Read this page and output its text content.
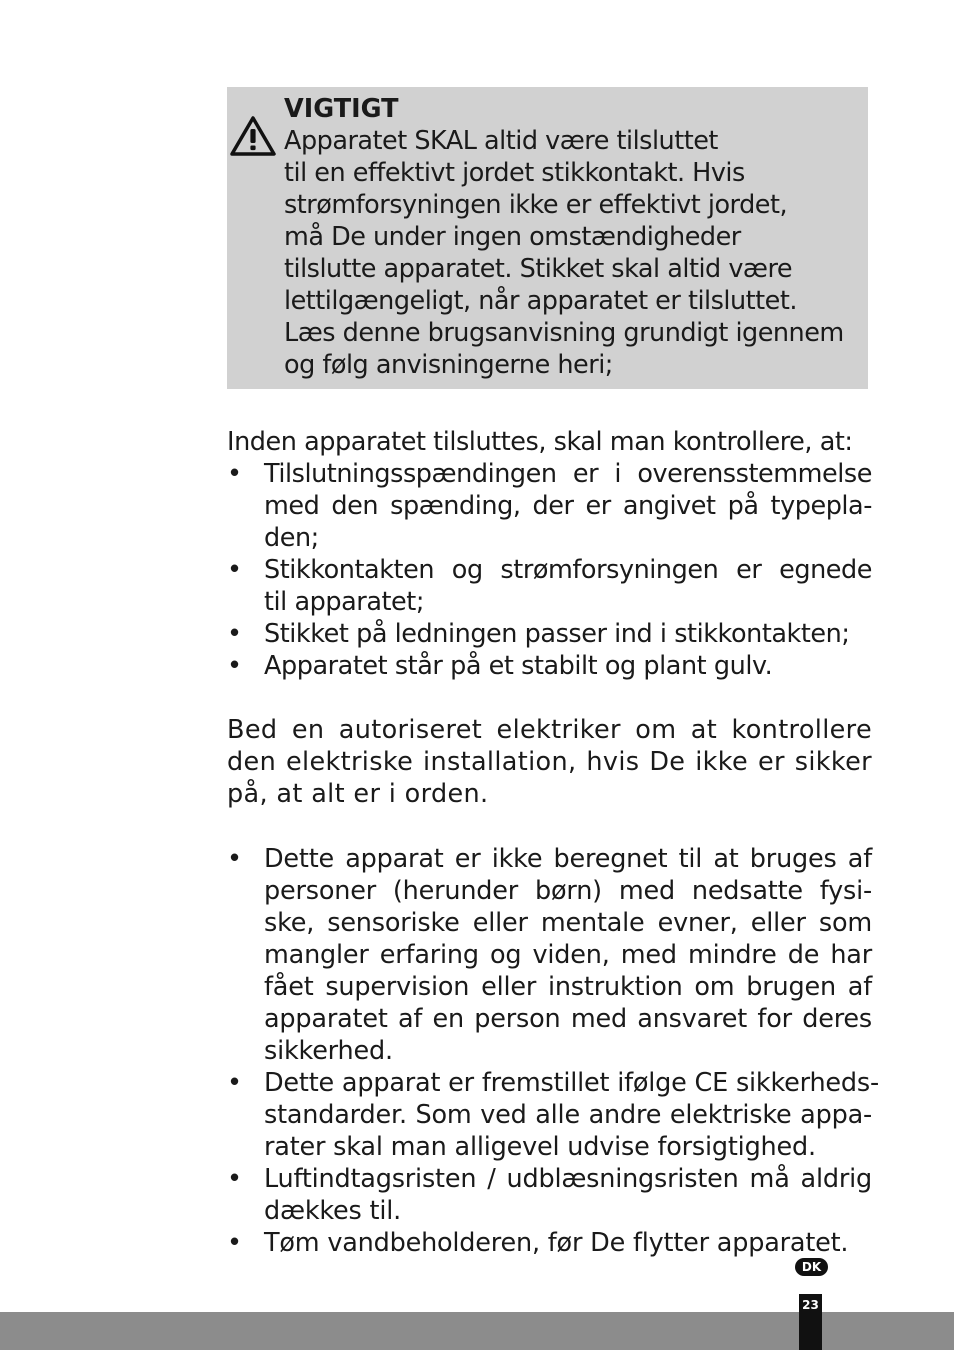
VIGTIGT
Apparatet SKAL altid være tilsluttet
til en effektivt jordet stikkontakt. Hvis
strømforsyningen ikke er effektivt jordet,
må De under ingen omstændigheder
tilslutte apparatet. Stikket skal altid være
lettilgængeligt, når apparatet er tilsluttet.
Læs denne brugsanvisning grundigt igennem
og følg anvisningerne heri;
Inden apparatet tilsluttes, skal man kontrollere, at:
• Tilslutningsspændingen er i overensstemmelse
med den spænding, der er angivet på typepla-
den;
• Stikkontakten og strømforsyningen er egnede
til apparatet;
• Stikket på ledningen passer ind i stikkontakten;
• Apparatet står på et stabilt og plant gulv.
Bed en autoriseret elektriker om at kontrollere
den elektriske installation, hvis De ikke er sikker
på, at alt er i orden.
• Dette apparat er ikke beregnet til at bruges af
personer (herunder børn) med nedsatte fysi-
ske, sensoriske eller mentale evner, eller som
mangler erfaring og viden, med mindre de har
fået supervision eller instruktion om brugen af
apparatet af en person med ansvaret for deres
sikkerhed.
• Dette apparat er fremstillet ifølge CE sikkerheds-
standarder. Som ved alle andre elektriske appa-
rater skal man alligevel udvise forsigtighed.
• Luftindtagsristen / udblæsningsristen må aldrig
dækkes til.
• Tøm vandbeholderen, før De flytter apparatet.
DK
23
